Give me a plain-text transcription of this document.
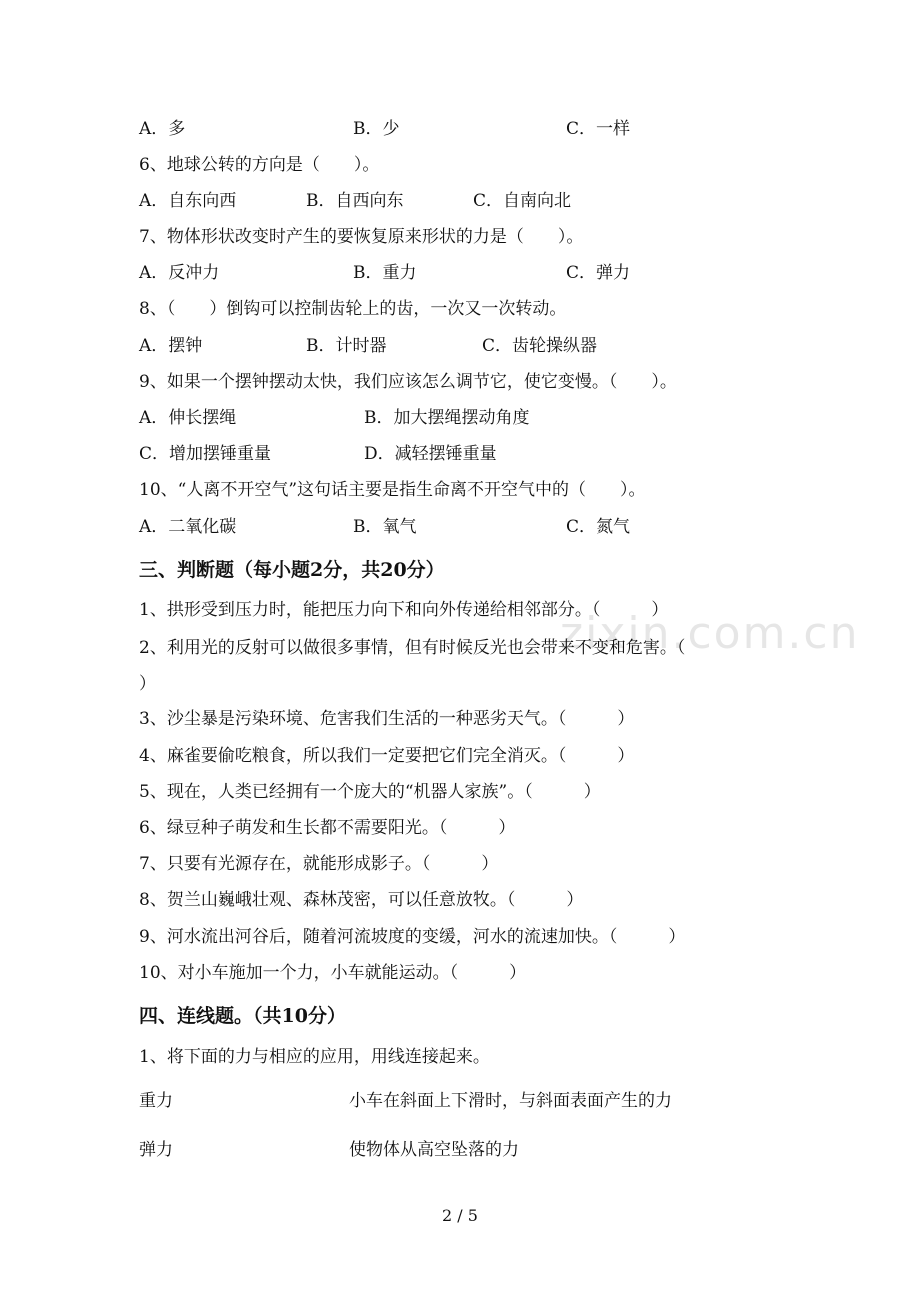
zixin.com.cn
A．多	B．少	C．一样
6、地球公转的方向是（　　）。
A．自东向西	B．自西向东	C．自南向北
7、物体形状改变时产生的要恢复原来形状的力是（　　）。
A．反冲力	B．重力	C．弹力
8、（　　）倒钩可以控制齿轮上的齿，一次又一次转动。
A．摆钟	B．计时器	C．齿轮操纵器
9、如果一个摆钟摆动太快，我们应该怎么调节它，使它变慢。（　　）。
A．伸长摆绳	B．加大摆绳摆动角度
C．增加摆锤重量	D．减轻摆锤重量
10、“人离不开空气”这句话主要是指生命离不开空气中的（　　）。
A．二氧化碳	B．氧气	C．氮气
三、判断题（每小题2分，共20分）
1、拱形受到压力时，能把压力向下和向外传递给相邻部分。（　　　）
2、利用光的反射可以做很多事情，但有时候反光也会带来不变和危害。（
）
3、沙尘暴是污染环境、危害我们生活的一种恶劣天气。（　　　）
4、麻雀要偷吃粮食，所以我们一定要把它们完全消灭。（　　　）
5、现在，人类已经拥有一个庞大的“机器人家族”。（　　　）
6、绿豆种子萌发和生长都不需要阳光。（　　　）
7、只要有光源存在，就能形成影子。（　　　）
8、贺兰山巍峨壮观、森林茂密，可以任意放牧。（　　　）
9、河水流出河谷后，随着河流坡度的变缓，河水的流速加快。（　　　）
10、对小车施加一个力，小车就能运动。（　　　）
四、连线题。（共10分）
1、将下面的力与相应的应用，用线连接起来。
重力	小车在斜面上下滑时，与斜面表面产生的力
弹力	使物体从高空坠落的力
2 / 5
